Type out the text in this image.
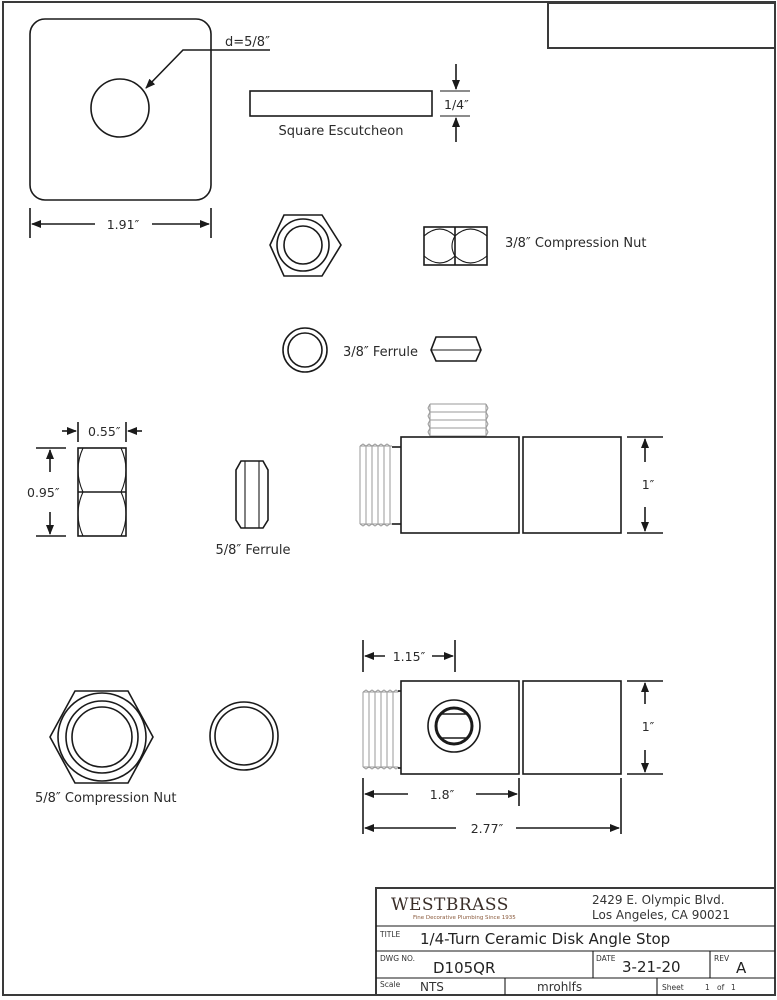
d=5/8″
1.91″
1/4″
Square Escutcheon
3/8″ Compression Nut
3/8″ Ferrule
0.55″
0.95″
5/8″ Ferrule
1″
5/8″ Compression Nut
1.15″
1″
1.8″
2.77″
WESTBRASS
Fine Decorative Plumbing Since 1935
2429 E. Olympic Blvd.
Los Angeles, CA 90021
TITLE 1/4-Turn Ceramic Disk Angle Stop
DWG NO.
D105QR
DATE 3-21-20	REV
A
Scale NTS	mrohlfs	Sheet	1 of 1
